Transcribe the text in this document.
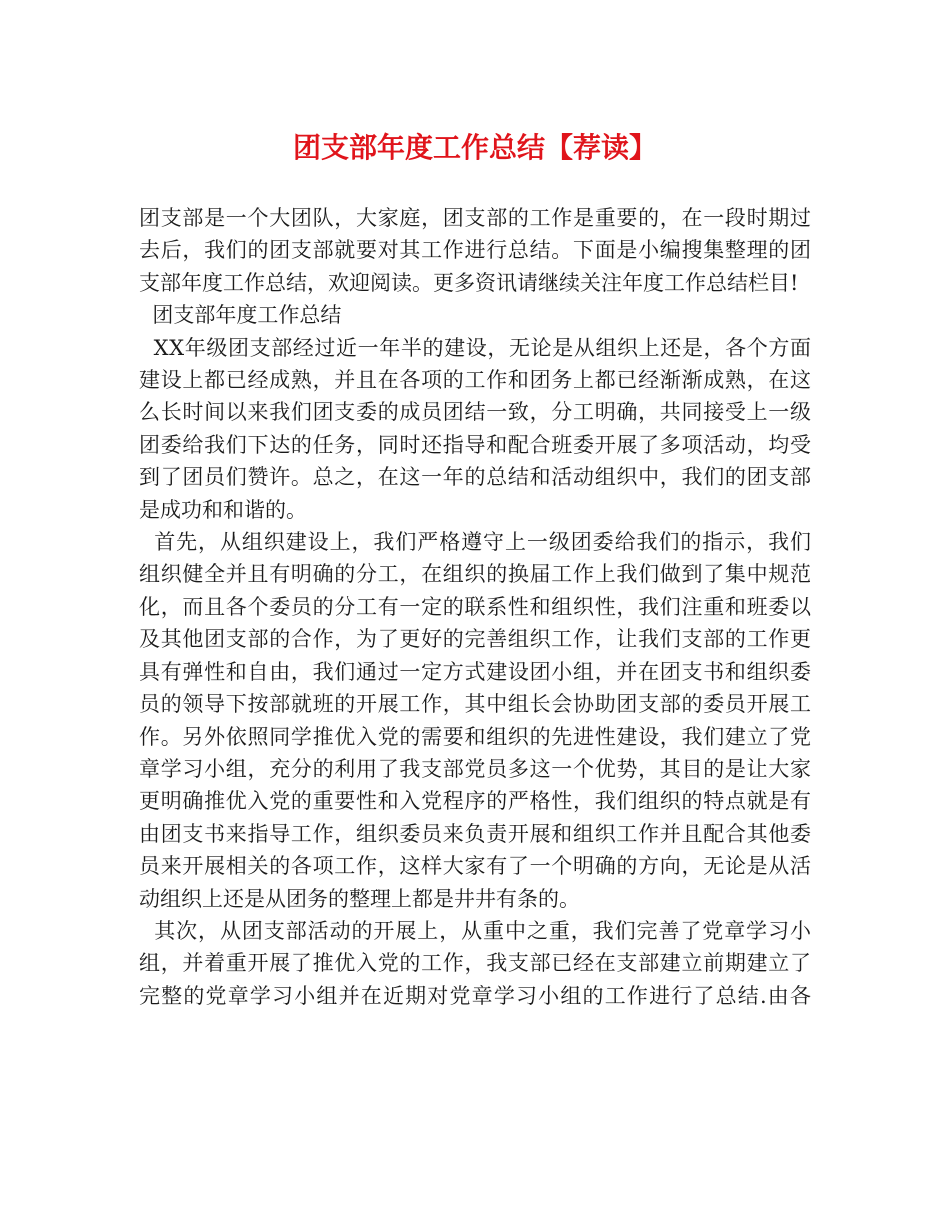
团支部年度工作总结【荐读】
团支部是一个大团队，大家庭，团支部的工作是重要的，在一段时期过
去后，我们的团支部就要对其工作进行总结。下面是小编搜集整理的团
支部年度工作总结，欢迎阅读。更多资讯请继续关注年度工作总结栏目!
团支部年度工作总结
XX年级团支部经过近一年半的建设，无论是从组织上还是，各个方面
建设上都已经成熟，并且在各项的工作和团务上都已经渐渐成熟，在这
么长时间以来我们团支委的成员团结一致，分工明确，共同接受上一级
团委给我们下达的任务，同时还指导和配合班委开展了多项活动，均受
到了团员们赞许。总之，在这一年的总结和活动组织中，我们的团支部
是成功和和谐的。
首先，从组织建设上，我们严格遵守上一级团委给我们的指示，我们
组织健全并且有明确的分工，在组织的换届工作上我们做到了集中规范
化，而且各个委员的分工有一定的联系性和组织性，我们注重和班委以
及其他团支部的合作，为了更好的完善组织工作，让我们支部的工作更
具有弹性和自由，我们通过一定方式建设团小组，并在团支书和组织委
员的领导下按部就班的开展工作，其中组长会协助团支部的委员开展工
作。另外依照同学推优入党的需要和组织的先进性建设，我们建立了党
章学习小组，充分的利用了我支部党员多这一个优势，其目的是让大家
更明确推优入党的重要性和入党程序的严格性，我们组织的特点就是有
由团支书来指导工作，组织委员来负责开展和组织工作并且配合其他委
员来开展相关的各项工作，这样大家有了一个明确的方向，无论是从活
动组织上还是从团务的整理上都是井井有条的。
其次，从团支部活动的开展上，从重中之重，我们完善了党章学习小
组，并着重开展了推优入党的工作，我支部已经在支部建立前期建立了
完整的党章学习小组并在近期对党章学习小组的工作进行了总结.由各
